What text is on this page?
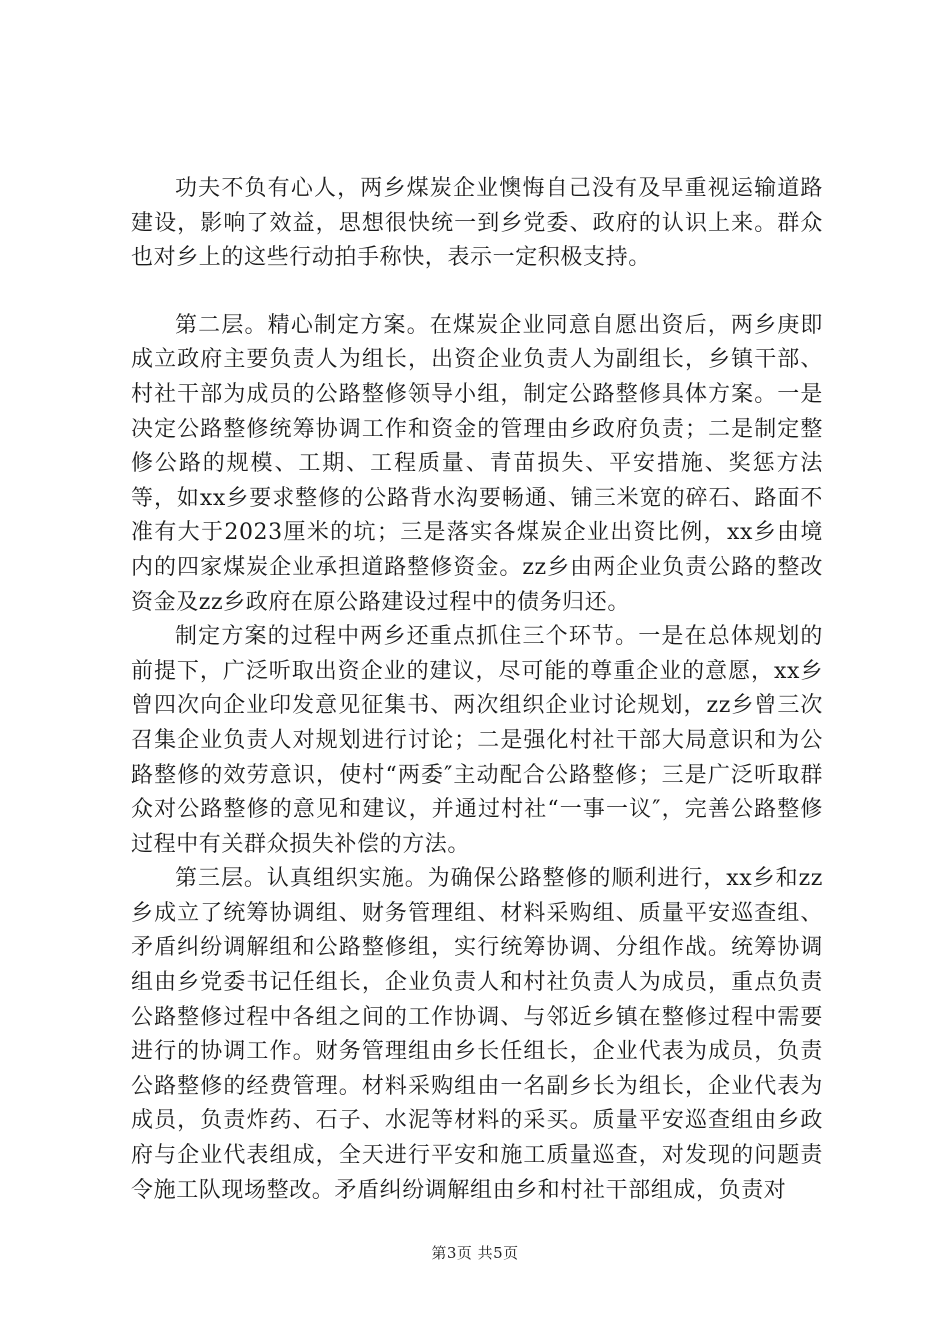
功夫不负有心人，两乡煤炭企业懊悔自己没有及早重视运输道路建设，影响了效益，思想很快统一到乡党委、政府的认识上来。群众也对乡上的这些行动拍手称快，表示一定积极支持。

第二层。精心制定方案。在煤炭企业同意自愿出资后，两乡庚即成立政府主要负责人为组长，出资企业负责人为副组长，乡镇干部、村社干部为成员的公路整修领导小组，制定公路整修具体方案。一是决定公路整修统筹协调工作和资金的管理由乡政府负责；二是制定整修公路的规模、工期、工程质量、青苗损失、平安措施、奖惩方法等，如xx乡要求整修的公路背水沟要畅通、铺三米宽的碎石、路面不准有大于2023厘米的坑；三是落实各煤炭企业出资比例，xx乡由境内的四家煤炭企业承担道路整修资金。zz乡由两企业负责公路的整改资金及zz乡政府在原公路建设过程中的债务归还。

制定方案的过程中两乡还重点抓住三个环节。一是在总体规划的前提下，广泛听取出资企业的建议，尽可能的尊重企业的意愿，xx乡曾四次向企业印发意见征集书、两次组织企业讨论规划，zz乡曾三次召集企业负责人对规划进行讨论；二是强化村社干部大局意识和为公路整修的效劳意识，使村“两委″主动配合公路整修；三是广泛听取群众对公路整修的意见和建议，并通过村社“一事一议″，完善公路整修过程中有关群众损失补偿的方法。

第三层。认真组织实施。为确保公路整修的顺利进行，xx乡和zz乡成立了统筹协调组、财务管理组、材料采购组、质量平安巡查组、矛盾纠纷调解组和公路整修组，实行统筹协调、分组作战。统筹协调组由乡党委书记任组长，企业负责人和村社负责人为成员，重点负责公路整修过程中各组之间的工作协调、与邻近乡镇在整修过程中需要进行的协调工作。财务管理组由乡长任组长，企业代表为成员，负责公路整修的经费管理。材料采购组由一名副乡长为组长，企业代表为成员，负责炸药、石子、水泥等材料的采买。质量平安巡查组由乡政府与企业代表组成，全天进行平安和施工质量巡查，对发现的问题责令施工队现场整改。矛盾纠纷调解组由乡和村社干部组成，负责对

第3页 共5页
